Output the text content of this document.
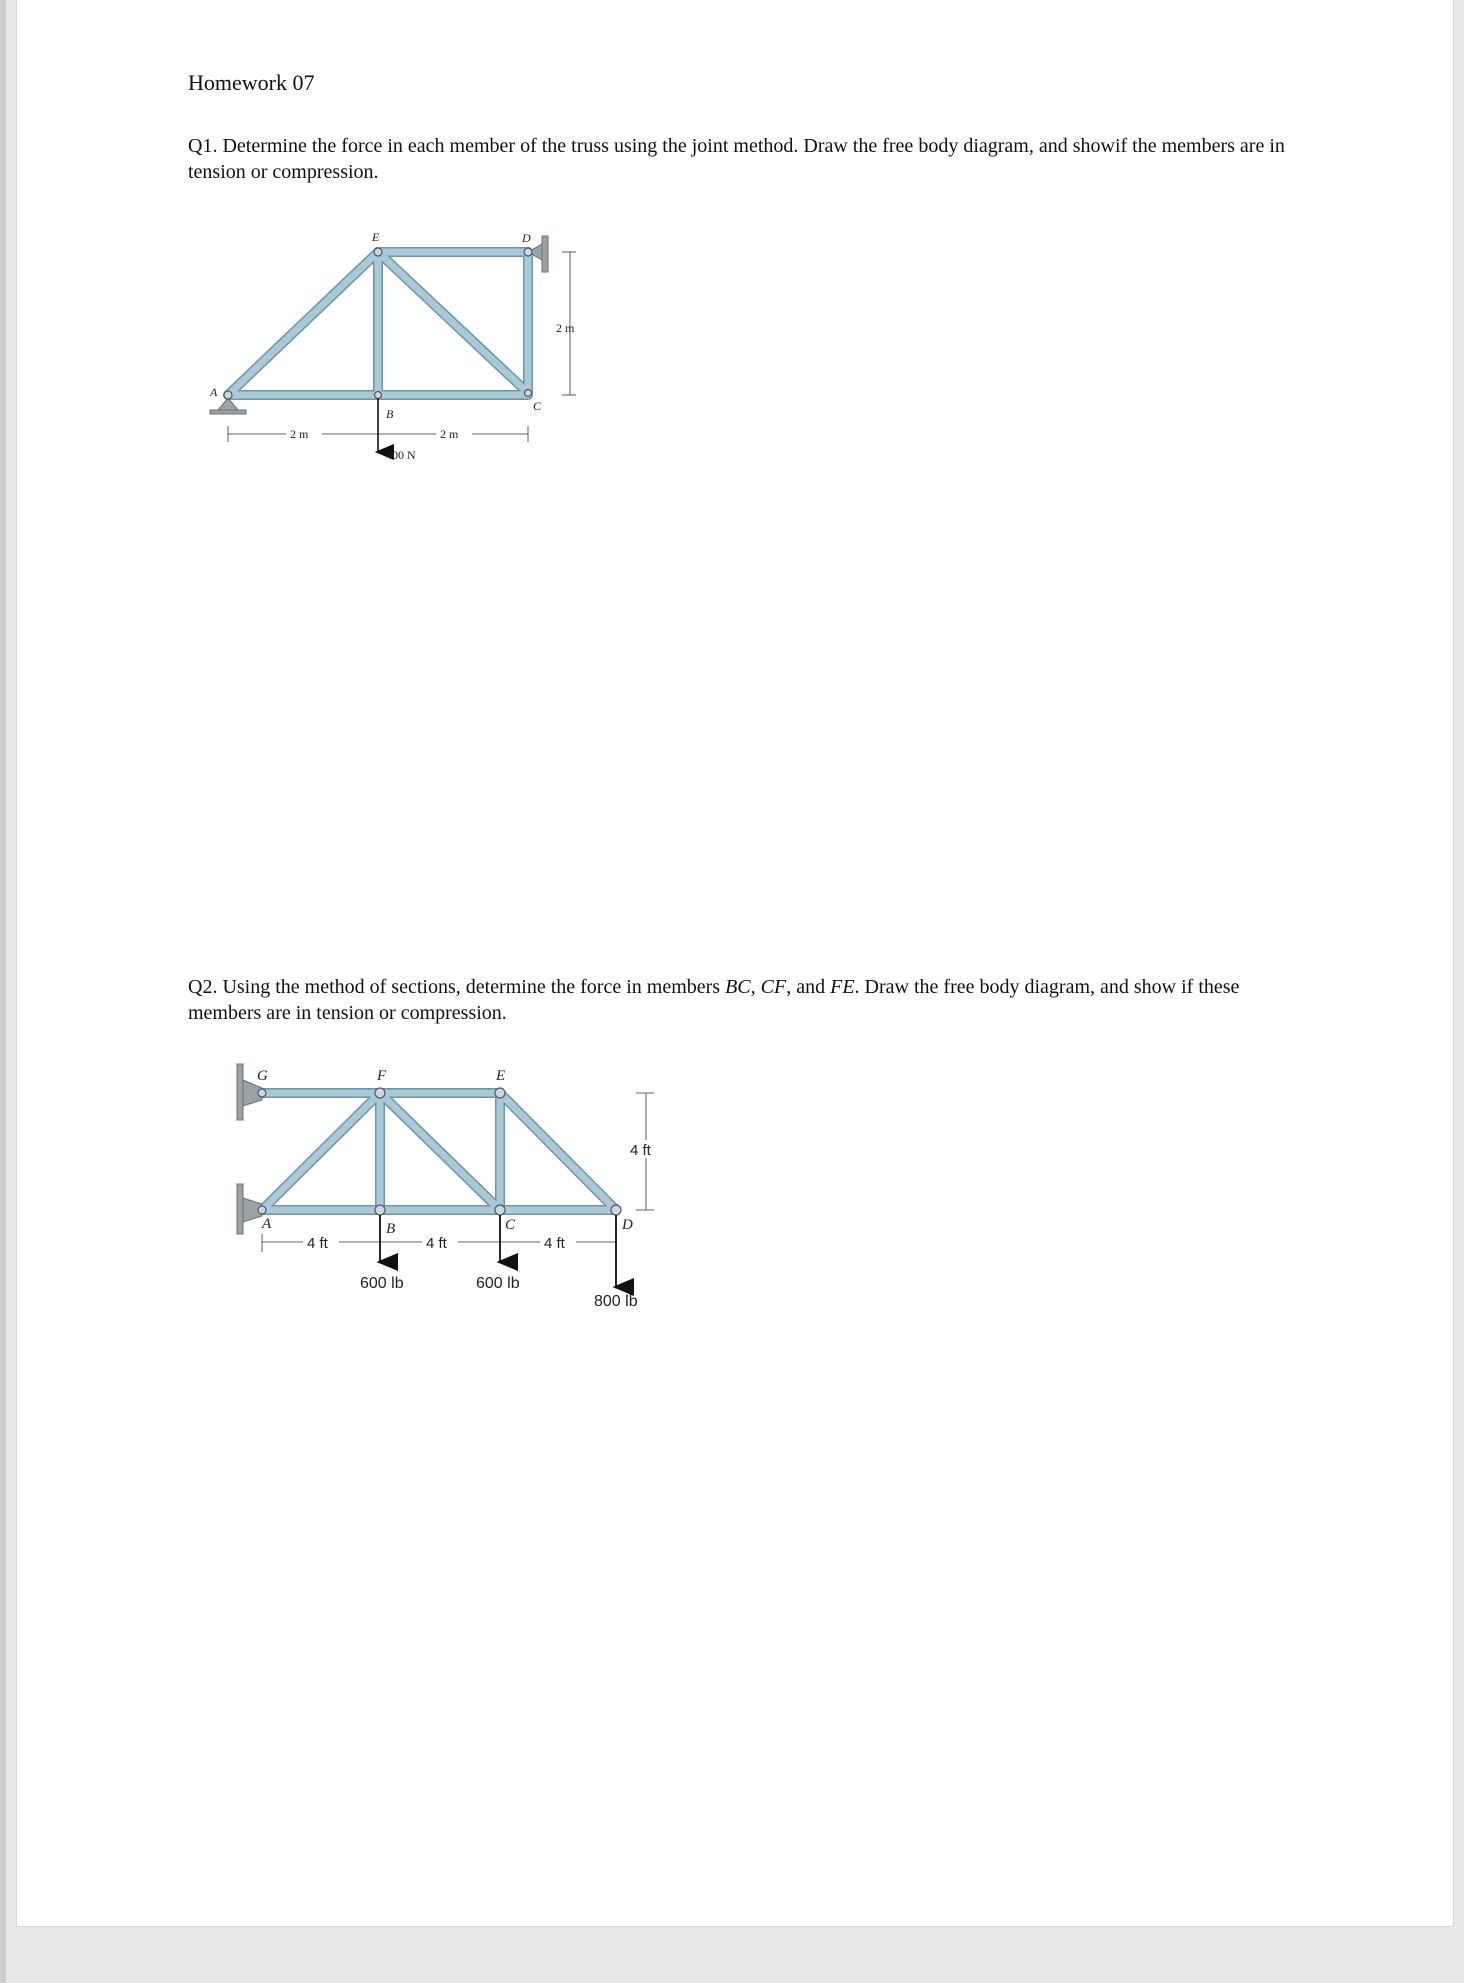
Homework 07
Q1. Determine the force in each member of the truss using the joint method. Draw the free body diagram, and showif the members are in tension or compression.
Q2. Using the method of sections, determine the force in members BC, CF, and FE. Draw the free body diagram, and show if these members are in tension or compression.
A
E	D
B
C
2 m
2 m	2 m
400 N
G	F	E
A	B	C	D
4 ft
4 ft	4 ft	4 ft
600 lb	600 lb
800 lb
